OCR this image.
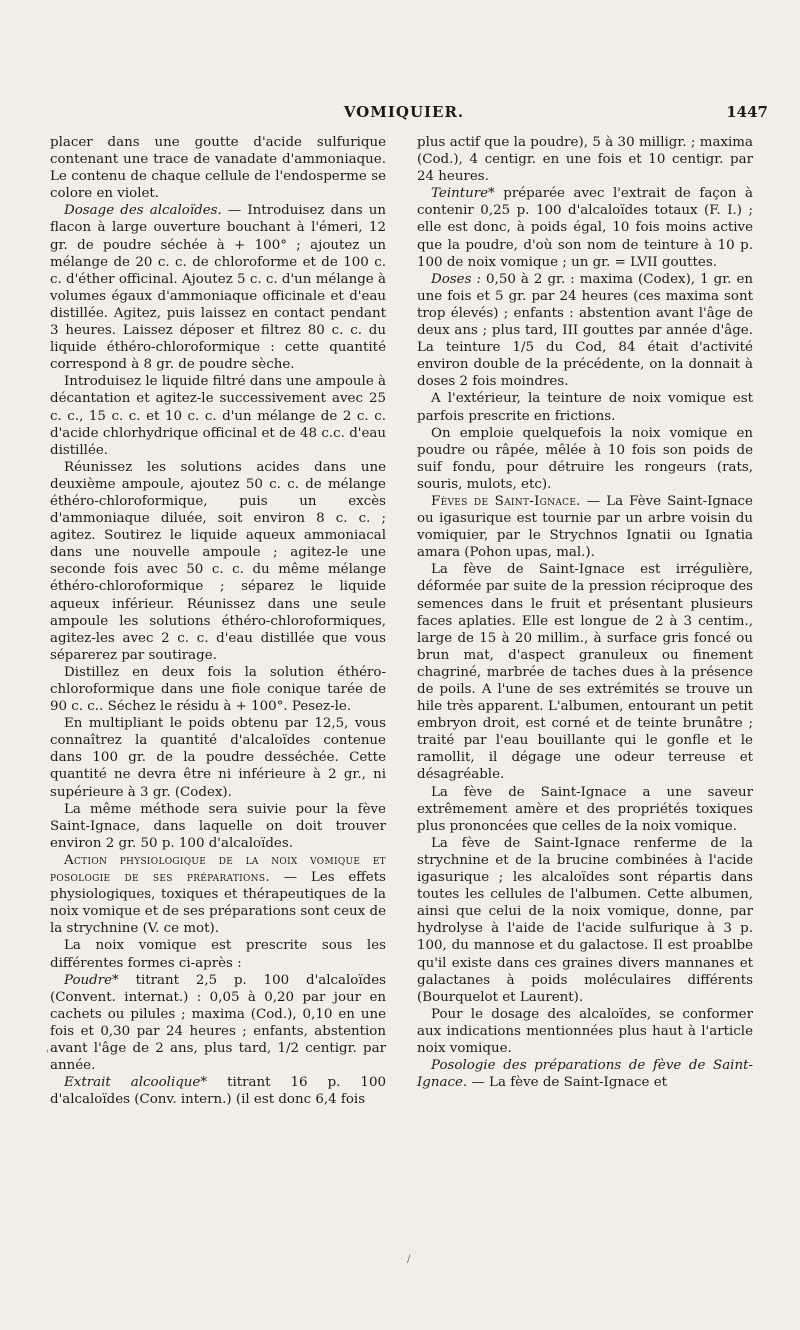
VOMIQUIER.	1447

placer dans une goutte d'acide sulfurique contenant une trace de vanadate d'ammoniaque. Le contenu de chaque cellule de l'endosperme se colore en violet.

Dosage des alcaloïdes. — Introduisez dans un flacon à large ouverture bouchant à l'émeri, 12 gr. de poudre séchée à + 100° ; ajoutez un mélange de 20 c. c. de chloroforme et de 100 c. c. d'éther officinal. Ajoutez 5 c. c. d'un mélange à volumes égaux d'ammoniaque officinale et d'eau distillée. Agitez, puis laissez en contact pendant 3 heures. Laissez déposer et filtrez 80 c. c. du liquide éthéro-chloroformique : cette quantité correspond à 8 gr. de poudre sèche.

Introduisez le liquide filtré dans une ampoule à décantation et agitez-le successivement avec 25 c. c., 15 c. c. et 10 c. c. d'un mélange de 2 c. c. d'acide chlorhydrique officinal et de 48 c.c. d'eau distillée.

Réunissez les solutions acides dans une deuxième ampoule, ajoutez 50 c. c. de mélange éthéro-chloroformique, puis un excès d'ammoniaque diluée, soit environ 8 c. c. ; agitez. Soutirez le liquide aqueux ammoniacal dans une nouvelle ampoule ; agitez-le une seconde fois avec 50 c. c. du même mélange éthéro-chloroformique ; séparez le liquide aqueux inférieur. Réunissez dans une seule ampoule les solutions éthéro-chloroformiques, agitez-les avec 2 c. c. d'eau distillée que vous séparerez par soutirage.

Distillez en deux fois la solution éthéro-chloroformique dans une fiole conique tarée de 90 c. c.. Séchez le résidu à + 100°. Pesez-le.

En multipliant le poids obtenu par 12,5, vous connaîtrez la quantité d'alcaloïdes contenue dans 100 gr. de la poudre desséchée. Cette quantité ne devra être ni inférieure à 2 gr., ni supérieure à 3 gr. (Codex).

La même méthode sera suivie pour la fève Saint-Ignace, dans laquelle on doit trouver environ 2 gr. 50 p. 100 d'alcaloïdes.

Action physiologique de la noix vomique et posologie de ses préparations. — Les effets physiologiques, toxiques et thérapeutiques de la noix vomique et de ses préparations sont ceux de la strychnine (V. ce mot).

La noix vomique est prescrite sous les différentes formes ci-après :

Poudre* titrant 2,5 p. 100 d'alcaloïdes (Convent. internat.) : 0,05 à 0,20 par jour en cachets ou pilules ; maxima (Cod.), 0,10 en une fois et 0,30 par 24 heures ; enfants, abstention avant l'âge de 2 ans, plus tard, 1/2 centigr. par année.

Extrait alcoolique* titrant 16 p. 100 d'alcaloïdes (Conv. intern.) (il est donc 6,4 fois

plus actif que la poudre), 5 à 30 milligr. ; maxima (Cod.), 4 centigr. en une fois et 10 centigr. par 24 heures.

Teinture* préparée avec l'extrait de façon à contenir 0,25 p. 100 d'alcaloïdes totaux (F. I.) ; elle est donc, à poids égal, 10 fois moins active que la poudre, d'où son nom de teinture à 10 p. 100 de noix vomique ; un gr. = LVII gouttes.

Doses : 0,50 à 2 gr. : maxima (Codex), 1 gr. en une fois et 5 gr. par 24 heures (ces maxima sont trop élevés) ; enfants : abstention avant l'âge de deux ans ; plus tard, III gouttes par année d'âge. La teinture 1/5 du Cod, 84 était d'activité environ double de la précédente, on la donnait à doses 2 fois moindres.

A l'extérieur, la teinture de noix vomique est parfois prescrite en frictions.

On emploie quelquefois la noix vomique en poudre ou râpée, mêlée à 10 fois son poids de suif fondu, pour détruire les rongeurs (rats, souris, mulots, etc).

Fèves de Saint-Ignace. — La Fève Saint-Ignace ou igasurique est tournie par un arbre voisin du vomiquier, par le Strychnos Ignatii ou Ignatia amara (Pohon upas, mal.).

La fève de Saint-Ignace est irrégulière, déformée par suite de la pression réciproque des semences dans le fruit et présentant plusieurs faces aplaties. Elle est longue de 2 à 3 centim., large de 15 à 20 millim., à surface gris foncé ou brun mat, d'aspect granuleux ou finement chagriné, marbrée de taches dues à la présence de poils. A l'une de ses extrémités se trouve un hile très apparent. L'albumen, entourant un petit embryon droit, est corné et de teinte brunâtre ; traité par l'eau bouillante qui le gonfle et le ramollit, il dégage une odeur terreuse et désagréable.

La fève de Saint-Ignace a une saveur extrêmement amère et des propriétés toxiques plus prononcées que celles de la noix vomique.

La fève de Saint-Ignace renferme de la strychnine et de la brucine combinées à l'acide igasurique ; les alcaloïdes sont répartis dans toutes les cellules de l'albumen. Cette albumen, ainsi que celui de la noix vomique, donne, par hydrolyse à l'aide de l'acide sulfurique à 3 p. 100, du mannose et du galactose. Il est proablbe qu'il existe dans ces graines divers mannanes et galactanes à poids moléculaires différents (Bourquelot et Laurent).

Pour le dosage des alcaloïdes, se conformer aux indications mentionnées plus haut à l'article noix vomique.

Posologie des préparations de fève de Saint-Ignace. — La fève de Saint-Ignace et

'
/
